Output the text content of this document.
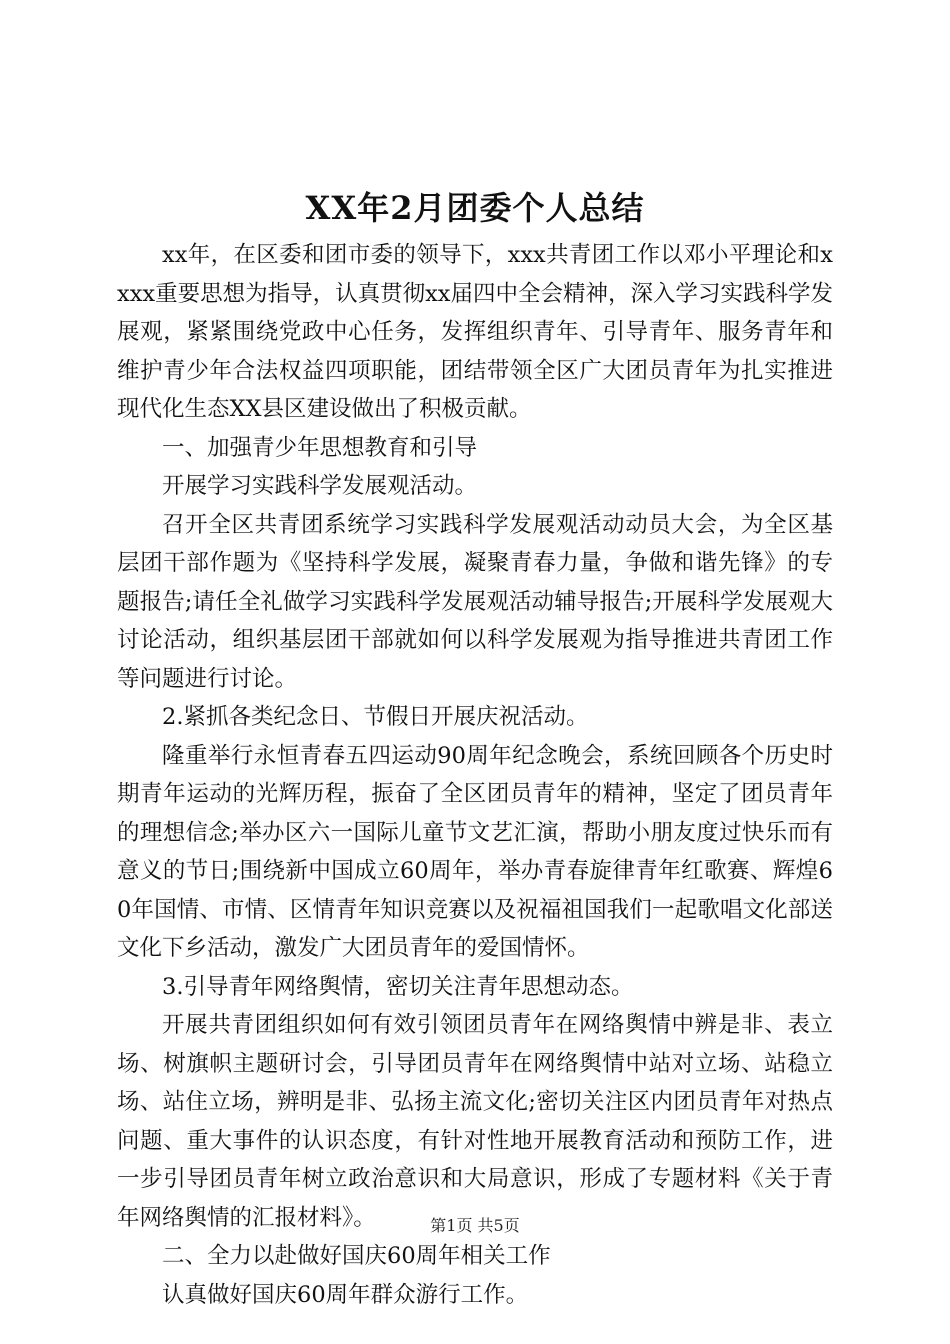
XX年2月团委个人总结

xx年，在区委和团市委的领导下，xxx共青团工作以邓小平理论和xxxx重要思想为指导，认真贯彻xx届四中全会精神，深入学习实践科学发展观，紧紧围绕党政中心任务，发挥组织青年、引导青年、服务青年和维护青少年合法权益四项职能，团结带领全区广大团员青年为扎实推进现代化生态XX县区建设做出了积极贡献。

一、加强青少年思想教育和引导

开展学习实践科学发展观活动。

召开全区共青团系统学习实践科学发展观活动动员大会，为全区基层团干部作题为《坚持科学发展，凝聚青春力量，争做和谐先锋》的专题报告;请任全礼做学习实践科学发展观活动辅导报告;开展科学发展观大讨论活动，组织基层团干部就如何以科学发展观为指导推进共青团工作等问题进行讨论。

2.紧抓各类纪念日、节假日开展庆祝活动。

隆重举行永恒青春五四运动90周年纪念晚会，系统回顾各个历史时期青年运动的光辉历程，振奋了全区团员青年的精神，坚定了团员青年的理想信念;举办区六一国际儿童节文艺汇演，帮助小朋友度过快乐而有意义的节日;围绕新中国成立60周年，举办青春旋律青年红歌赛、辉煌60年国情、市情、区情青年知识竞赛以及祝福祖国我们一起歌唱文化部送文化下乡活动，激发广大团员青年的爱国情怀。

3.引导青年网络舆情，密切关注青年思想动态。

开展共青团组织如何有效引领团员青年在网络舆情中辨是非、表立场、树旗帜主题研讨会，引导团员青年在网络舆情中站对立场、站稳立场、站住立场，辨明是非、弘扬主流文化;密切关注区内团员青年对热点问题、重大事件的认识态度，有针对性地开展教育活动和预防工作，进一步引导团员青年树立政治意识和大局意识，形成了专题材料《关于青年网络舆情的汇报材料》。

二、全力以赴做好国庆60周年相关工作

认真做好国庆60周年群众游行工作。

第1页 共5页
